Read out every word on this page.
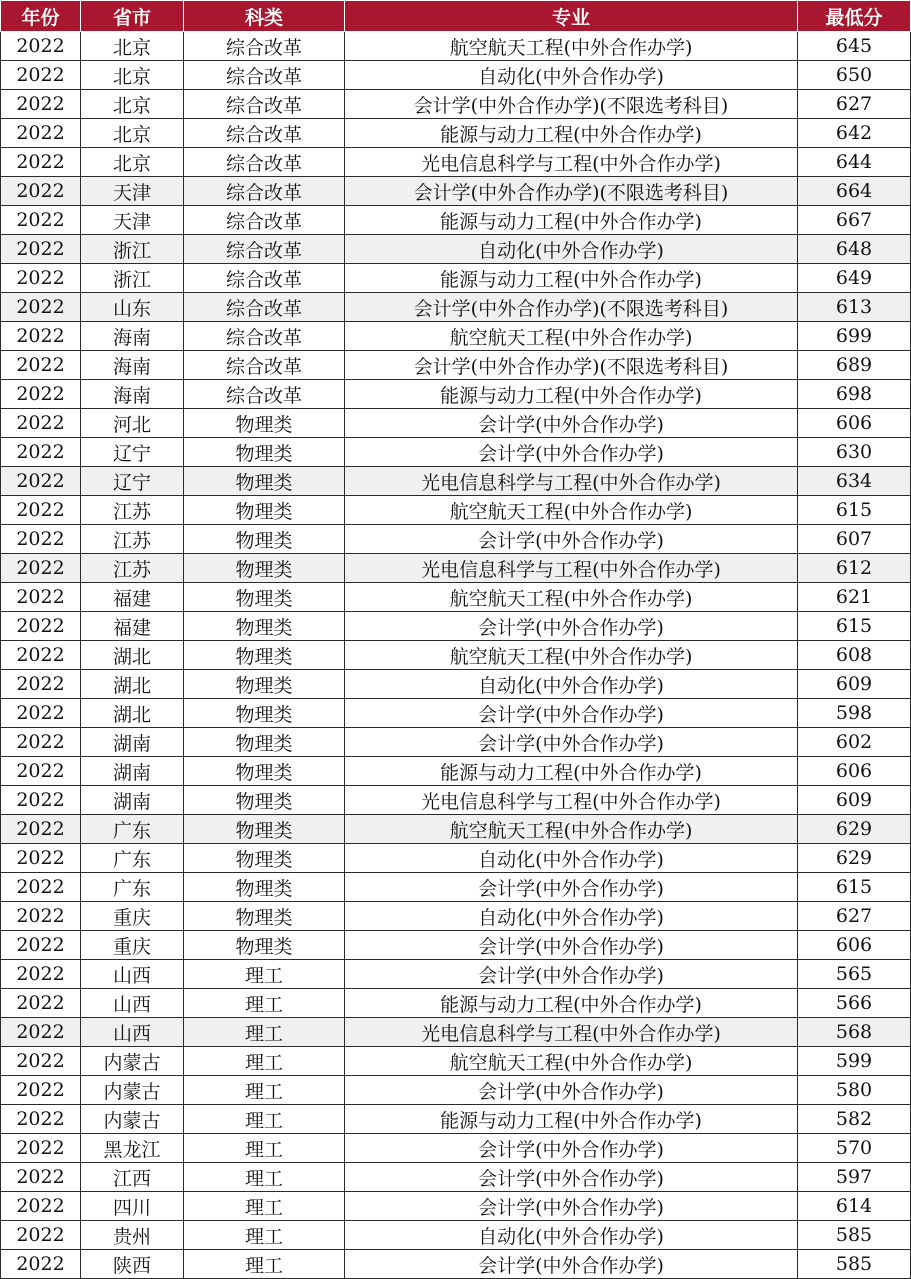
年份	省市	科类	专业	最低分
2022	北京	综合改革	航空航天工程(中外合作办学)	645
2022	北京	综合改革	自动化(中外合作办学)	650
2022	北京	综合改革	会计学(中外合作办学)(不限选考科目)	627
2022	北京	综合改革	能源与动力工程(中外合作办学)	642
2022	北京	综合改革	光电信息科学与工程(中外合作办学)	644
2022	天津	综合改革	会计学(中外合作办学)(不限选考科目)	664
2022	天津	综合改革	能源与动力工程(中外合作办学)	667
2022	浙江	综合改革	自动化(中外合作办学)	648
2022	浙江	综合改革	能源与动力工程(中外合作办学)	649
2022	山东	综合改革	会计学(中外合作办学)(不限选考科目)	613
2022	海南	综合改革	航空航天工程(中外合作办学)	699
2022	海南	综合改革	会计学(中外合作办学)(不限选考科目)	689
2022	海南	综合改革	能源与动力工程(中外合作办学)	698
2022	河北	物理类	会计学(中外合作办学)	606
2022	辽宁	物理类	会计学(中外合作办学)	630
2022	辽宁	物理类	光电信息科学与工程(中外合作办学)	634
2022	江苏	物理类	航空航天工程(中外合作办学)	615
2022	江苏	物理类	会计学(中外合作办学)	607
2022	江苏	物理类	光电信息科学与工程(中外合作办学)	612
2022	福建	物理类	航空航天工程(中外合作办学)	621
2022	福建	物理类	会计学(中外合作办学)	615
2022	湖北	物理类	航空航天工程(中外合作办学)	608
2022	湖北	物理类	自动化(中外合作办学)	609
2022	湖北	物理类	会计学(中外合作办学)	598
2022	湖南	物理类	会计学(中外合作办学)	602
2022	湖南	物理类	能源与动力工程(中外合作办学)	606
2022	湖南	物理类	光电信息科学与工程(中外合作办学)	609
2022	广东	物理类	航空航天工程(中外合作办学)	629
2022	广东	物理类	自动化(中外合作办学)	629
2022	广东	物理类	会计学(中外合作办学)	615
2022	重庆	物理类	自动化(中外合作办学)	627
2022	重庆	物理类	会计学(中外合作办学)	606
2022	山西	理工	会计学(中外合作办学)	565
2022	山西	理工	能源与动力工程(中外合作办学)	566
2022	山西	理工	光电信息科学与工程(中外合作办学)	568
2022	内蒙古	理工	航空航天工程(中外合作办学)	599
2022	内蒙古	理工	会计学(中外合作办学)	580
2022	内蒙古	理工	能源与动力工程(中外合作办学)	582
2022	黑龙江	理工	会计学(中外合作办学)	570
2022	江西	理工	会计学(中外合作办学)	597
2022	四川	理工	会计学(中外合作办学)	614
2022	贵州	理工	自动化(中外合作办学)	585
2022	陕西	理工	会计学(中外合作办学)	585
